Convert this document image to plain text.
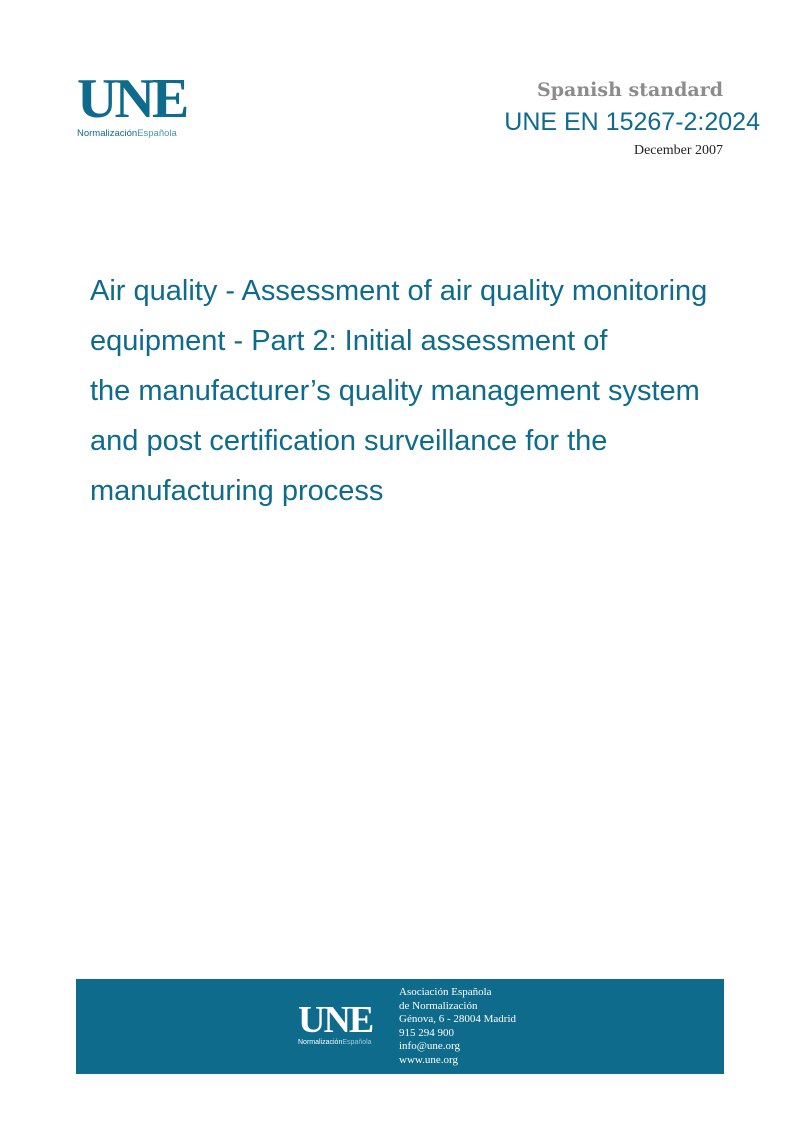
UNE
NormalizaciónEspañola
Spanish standard
UNE EN 15267-2:2024
December 2007
Air quality - Assessment of air quality monitoring
equipment - Part 2: Initial assessment of
the manufacturer’s quality management system
and post certification surveillance for the
manufacturing process
UNE
NormalizaciónEspañola
Asociación Española
de Normalización
Génova, 6 - 28004 Madrid
915 294 900
info@une.org
www.une.org
